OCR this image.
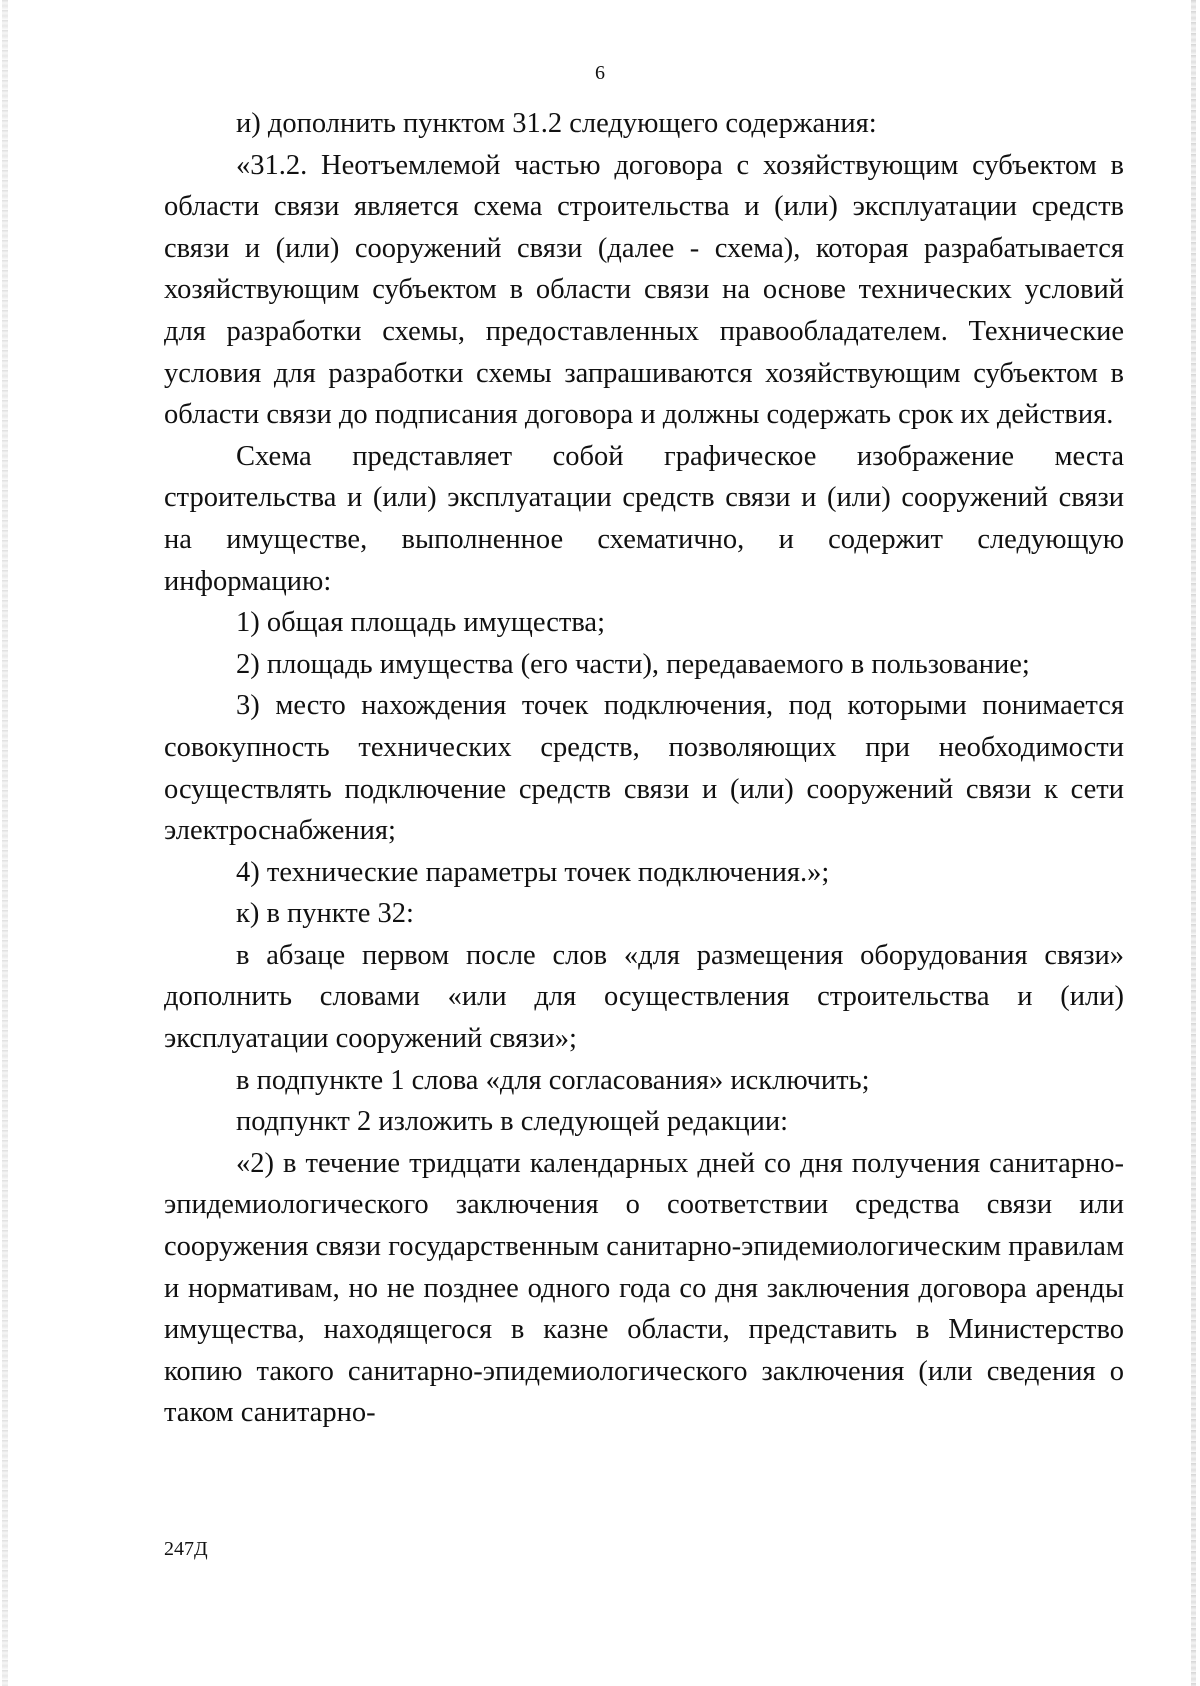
6

и) дополнить пунктом 31.2 следующего содержания:

«31.2. Неотъемлемой частью договора с хозяйствующим субъектом в области связи является схема строительства и (или) эксплуатации средств связи и (или) сооружений связи (далее - схема), которая разрабатывается хозяйствующим субъектом в области связи на основе технических условий для разработки схемы, предоставленных правообладателем. Технические условия для разработки схемы запрашиваются хозяйствующим субъектом в области связи до подписания договора и должны содержать срок их действия.

Схема представляет собой графическое изображение места строительства и (или) эксплуатации средств связи и (или) сооружений связи на имуществе, выполненное схематично, и содержит следующую информацию:

1) общая площадь имущества;

2) площадь имущества (его части), передаваемого в пользование;

3) место нахождения точек подключения, под которыми понимается совокупность технических средств, позволяющих при необходимости осуществлять подключение средств связи и (или) сооружений связи к сети электроснабжения;

4) технические параметры точек подключения.»;

к) в пункте 32:

в абзаце первом после слов «для размещения оборудования связи» дополнить словами «или для осуществления строительства и (или) эксплуатации сооружений связи»;

в подпункте 1 слова «для согласования» исключить;

подпункт 2 изложить в следующей редакции:

«2) в течение тридцати календарных дней со дня получения санитарно-эпидемиологического заключения о соответствии средства связи или сооружения связи государственным санитарно-эпидемиологическим правилам и нормативам, но не позднее одного года со дня заключения договора аренды имущества, находящегося в казне области, представить в Министерство копию такого санитарно-эпидемиологического заключения (или сведения о таком санитарно-

247Д
